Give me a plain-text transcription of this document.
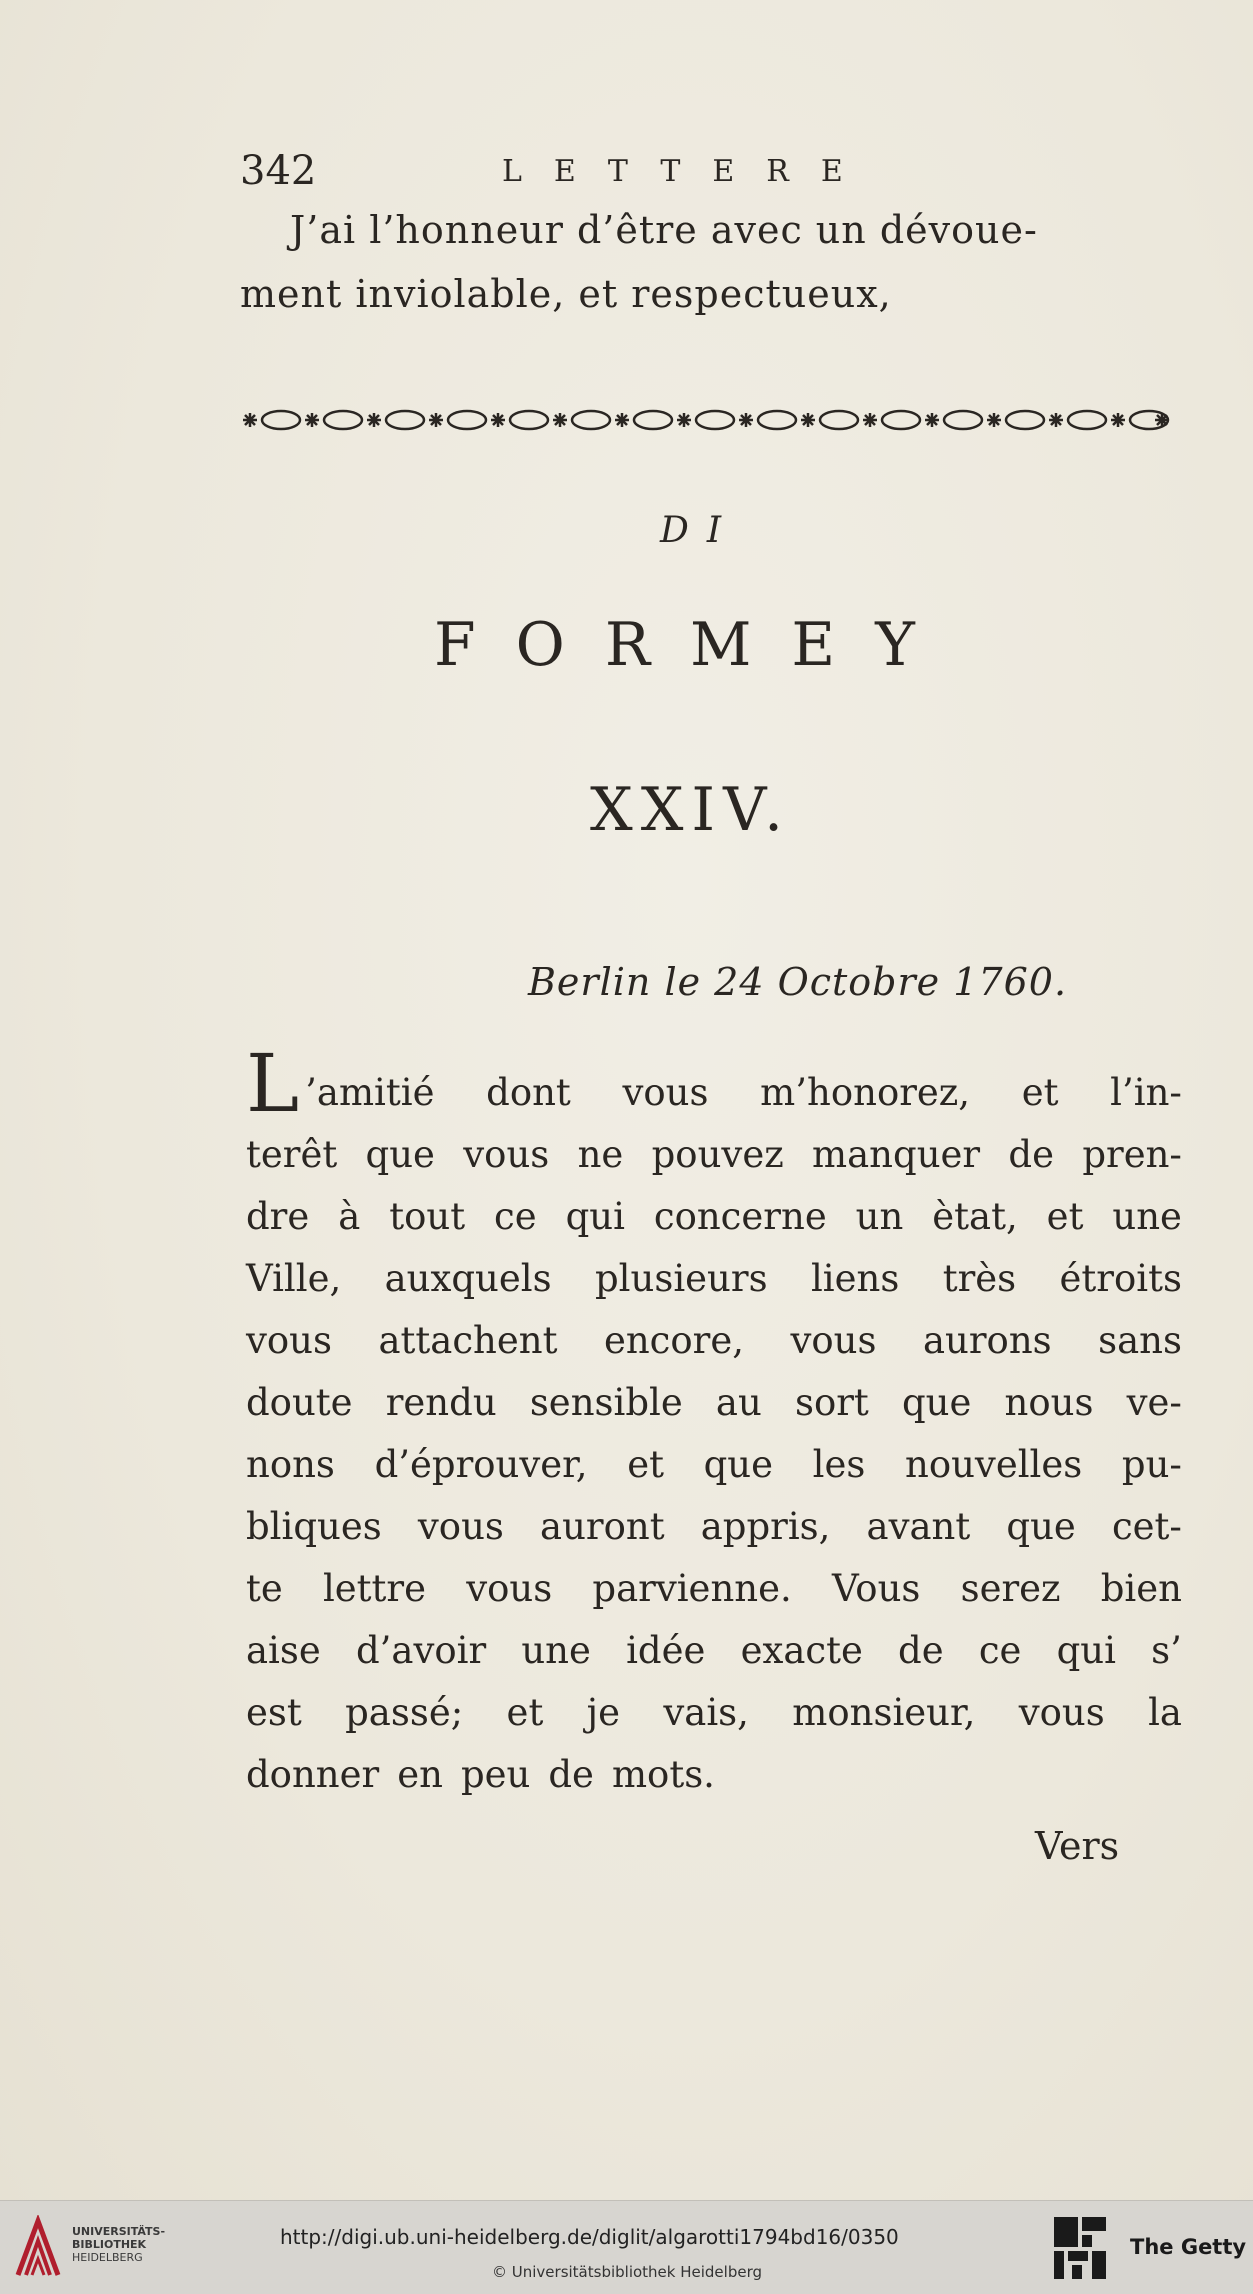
342	LETTERE
J’ai l’honneur d’être avec un dévoue-
ment inviolable, et respectueux,
DI
FORMEY
XXIV.
Berlin le 24 Octobre 1760.
L ’amitié dont vous m’honorez, et l’in-
terêt que vous ne pouvez manquer de pren-
dre à tout ce qui concerne un ètat, et une
Ville, auxquels plusieurs liens très étroits
vous attachent encore, vous aurons sans
doute rendu sensible au sort que nous ve-
nons d’éprouver, et que les nouvelles pu-
bliques vous auront appris, avant que cet-
te lettre vous parvienne. Vous serez bien
aise d’avoir une idée exacte de ce qui s’
est passé; et je vais, monsieur, vous la
donner en peu de mots.
Vers
UNIVERSITÄTS-
BIBLIOTHEK
HEIDELBERG
http://digi.ub.uni-heidelberg.de/diglit/algarotti1794bd16/0350
© Universitätsbibliothek Heidelberg
The Getty
